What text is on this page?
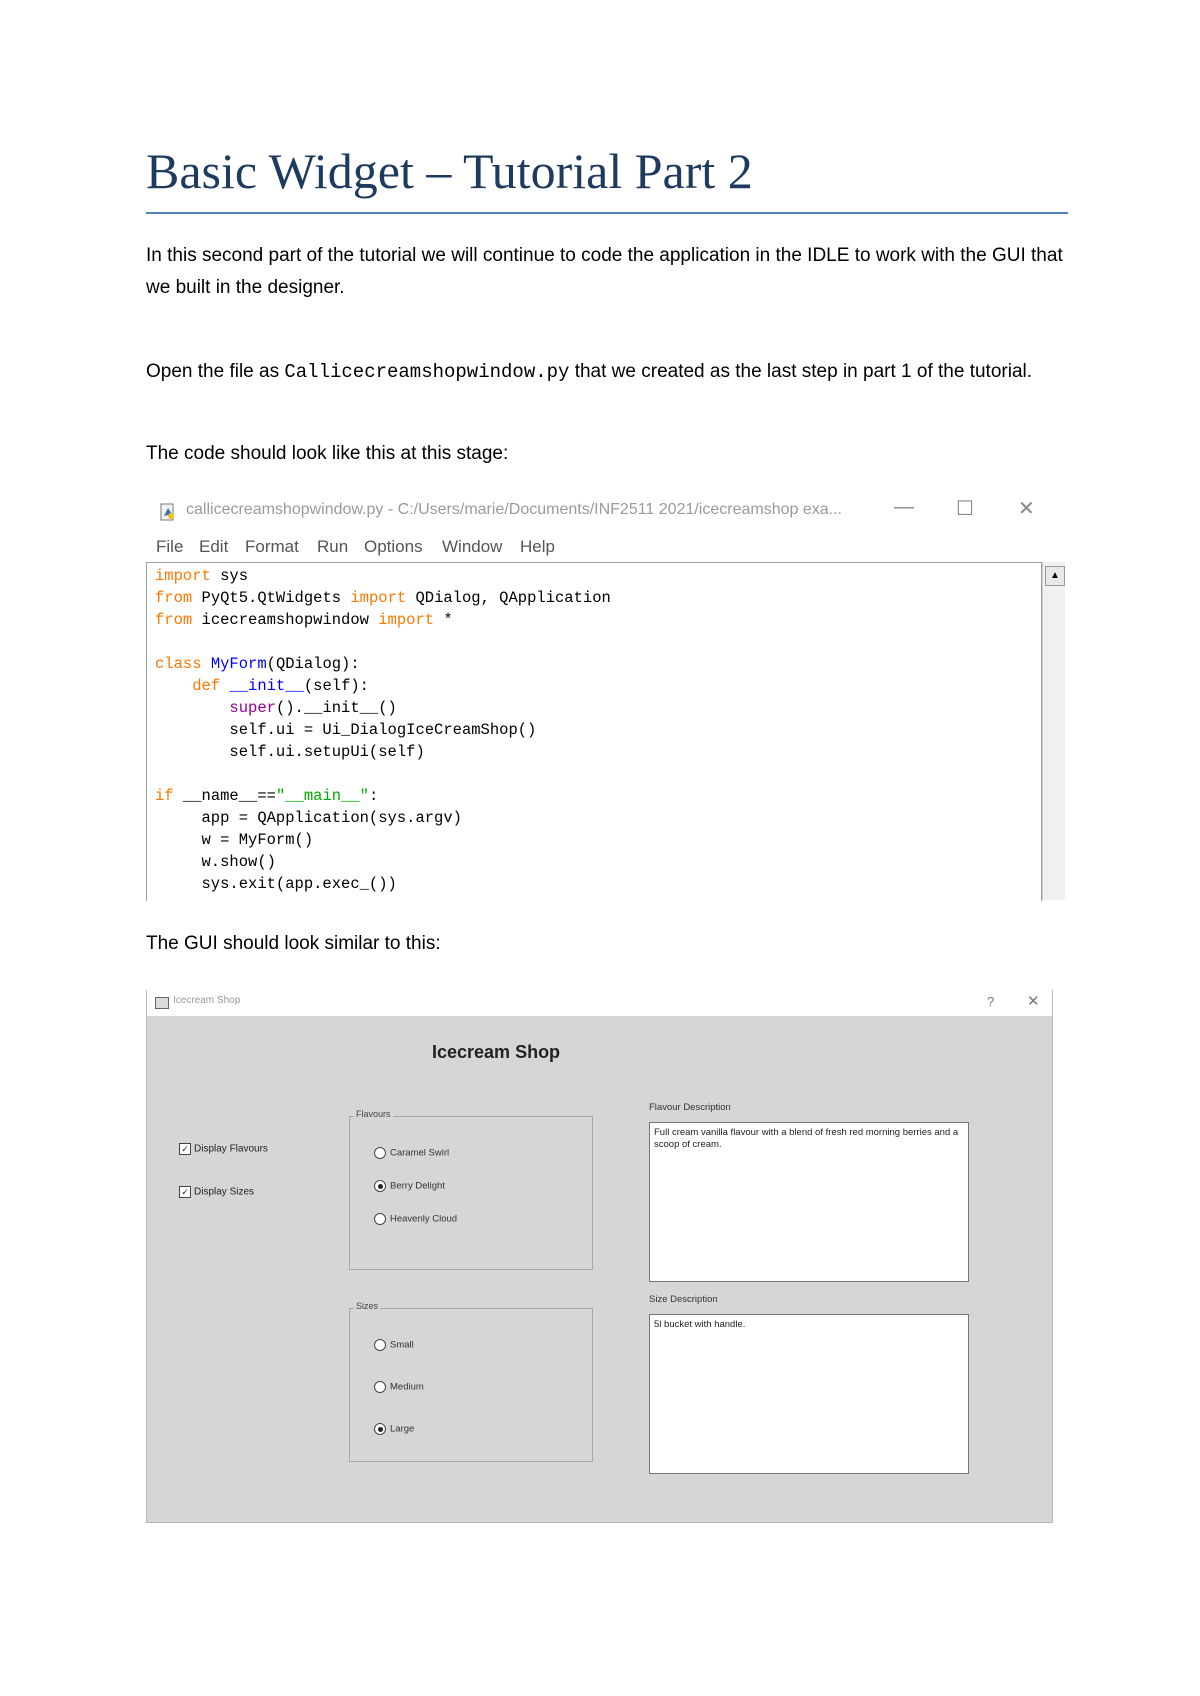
Basic Widget – Tutorial Part 2

In this second part of the tutorial we will continue to code the application in the IDLE to work with the GUI that we built in the designer.

Open the file as Callicecreamshopwindow.py that we created as the last step in part 1 of the tutorial.

The code should look like this at this stage:

callicecreamshopwindow.py - C:/Users/marie/Documents/INF2511 2021/icecreamshop exa...	— ☐ ✕
File Edit Format Run Options Window Help
import sys
from PyQt5.QtWidgets import QDialog, QApplication
from icecreamshopwindow import *
class MyForm(QDialog):
def __init__(self):
super().__init__()
self.ui = Ui_DialogIceCreamShop()
self.ui.setupUi(self)
if __name__=="__main__":
app = QApplication(sys.argv)
w = MyForm()
w.show()
sys.exit(app.exec_())
▲

The GUI should look similar to this:

Icecream Shop	? ✕
Icecream Shop
✓ Display Flavours
✓ Display Sizes
Flavours
Caramel Swirl
Berry Delight
Heavenly Cloud
Sizes
Small
Medium
Large
Flavour Description
Full cream vanilla flavour with a blend of fresh red morning berries and a scoop of cream.
Size Description
5l bucket with handle.
